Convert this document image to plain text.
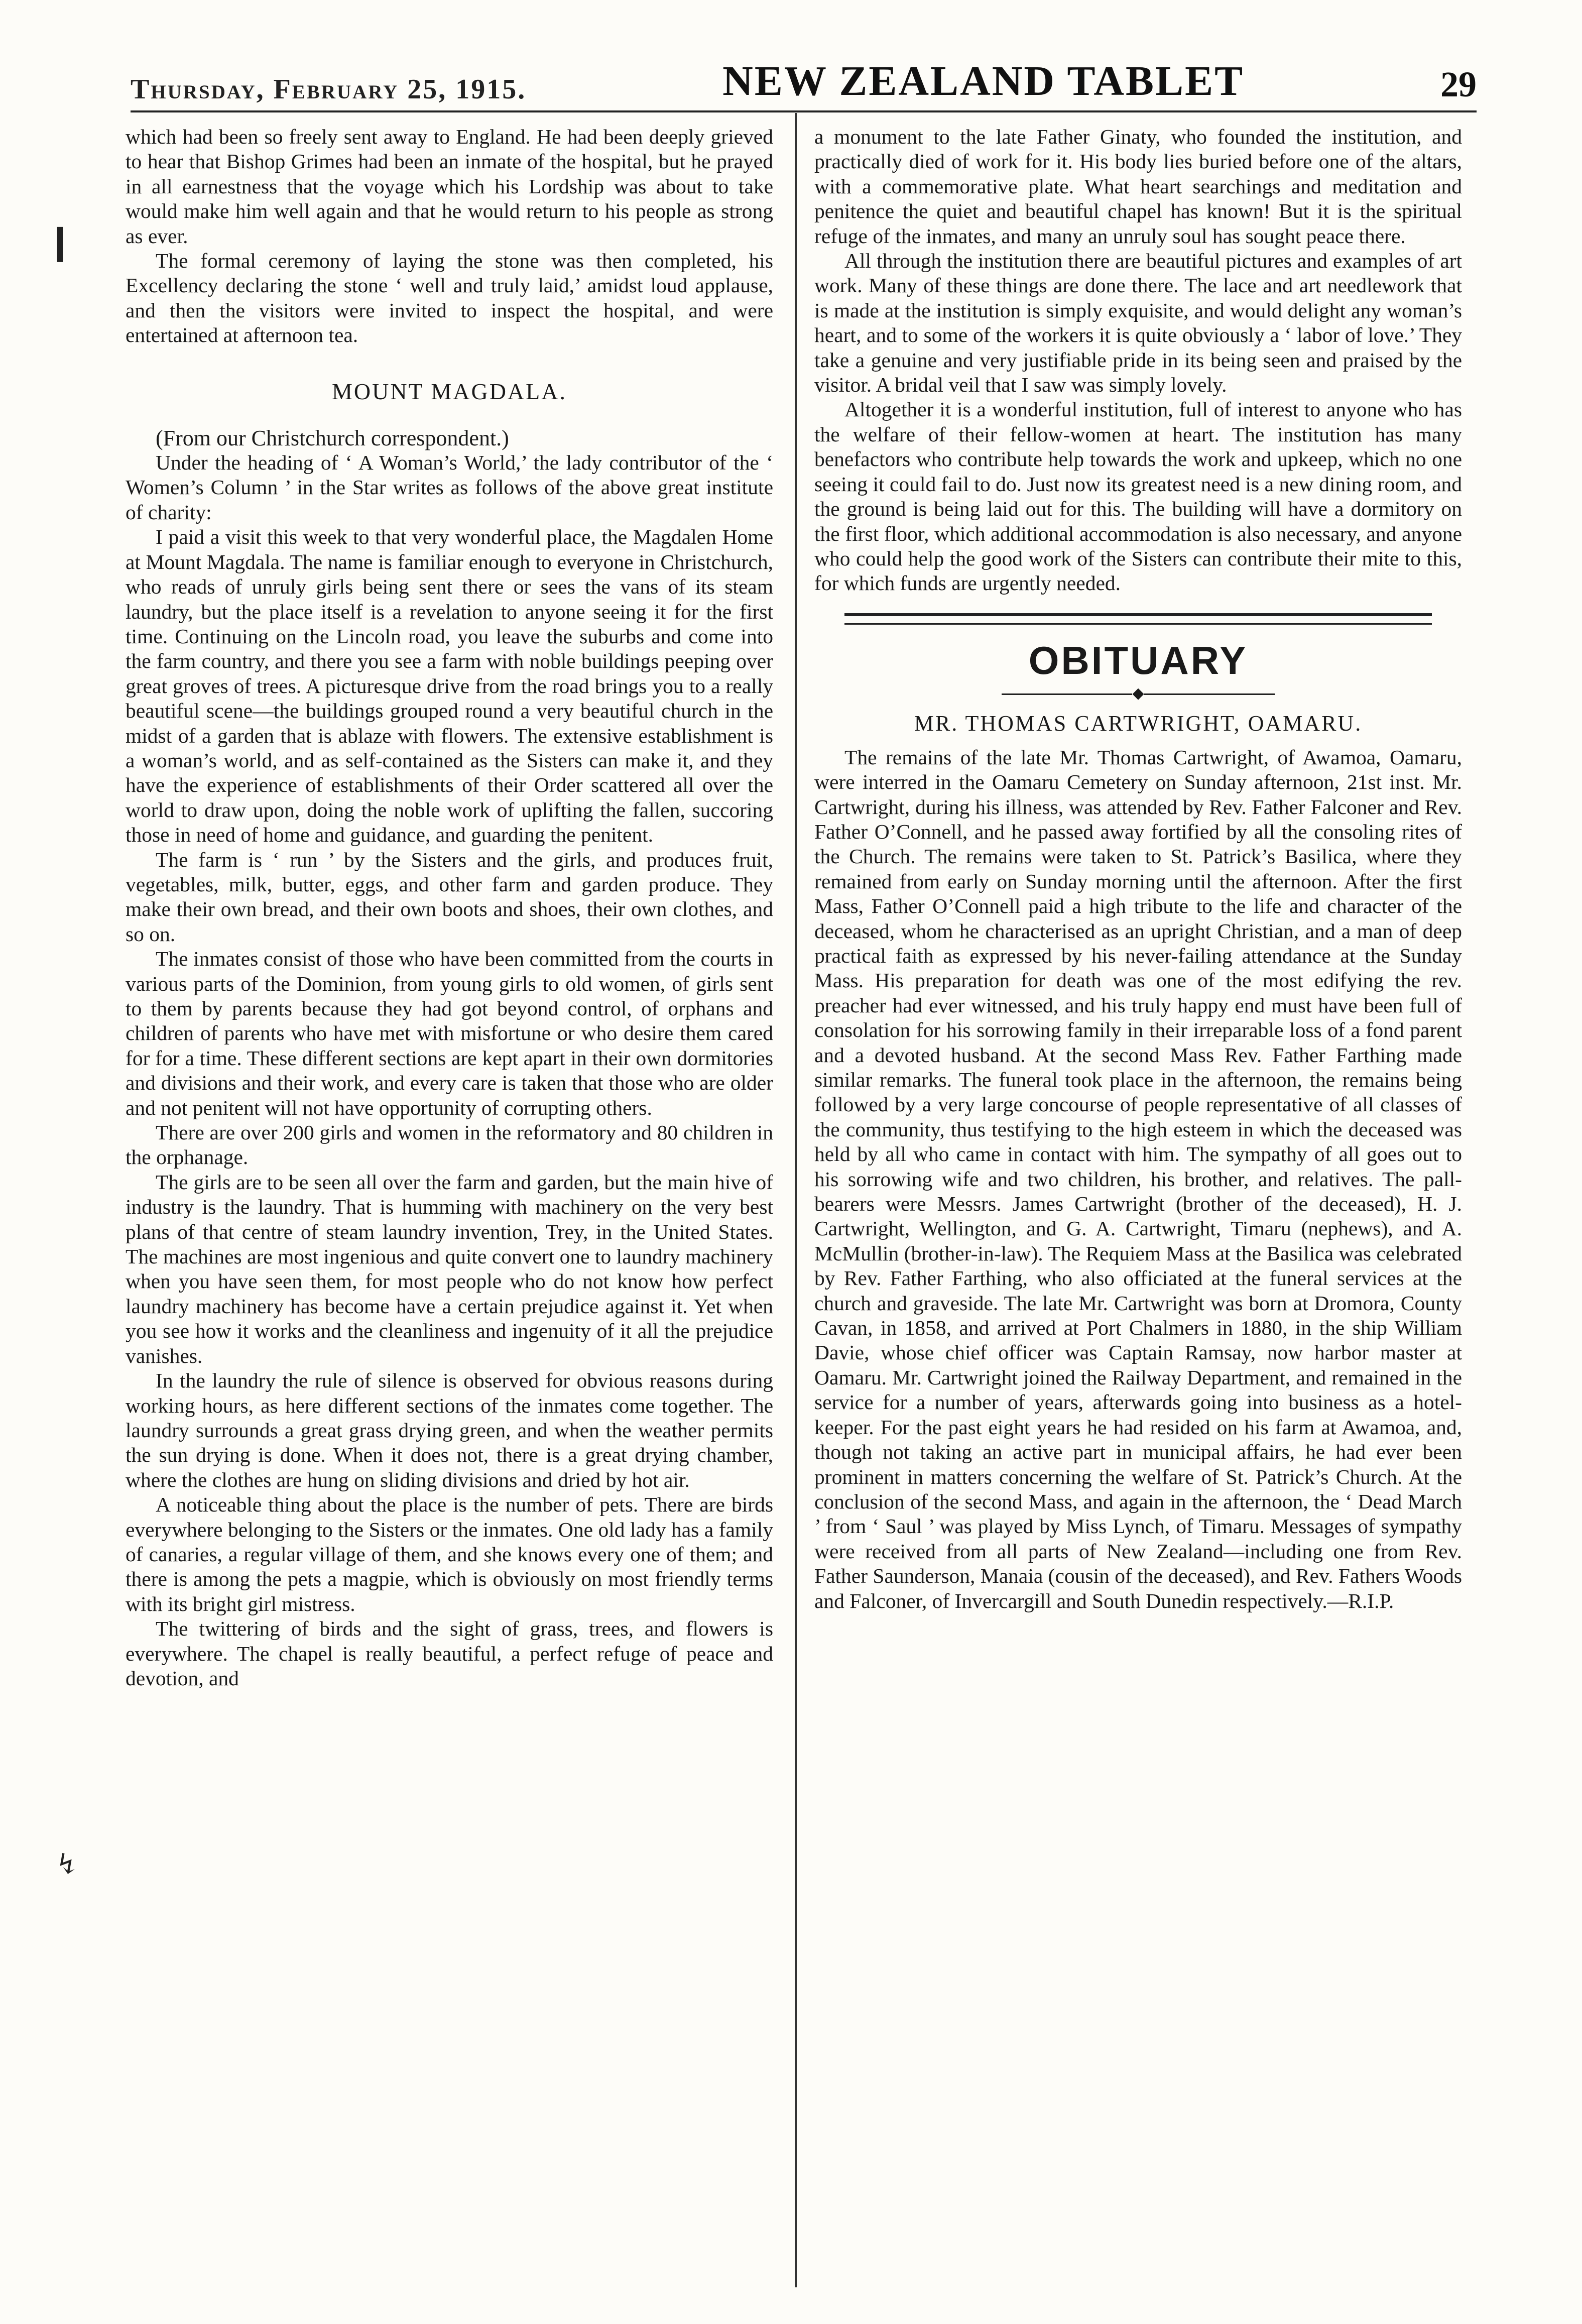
Thursday, February 25, 1915.	NEW ZEALAND TABLET	29
❙
↯

which had been so freely sent away to England. He had been deeply grieved to hear that Bishop Grimes had been an inmate of the hospital, but he prayed in all earnestness that the voyage which his Lordship was about to take would make him well again and that he would return to his people as strong as ever.

The formal ceremony of laying the stone was then completed, his Excellency declaring the stone ‘ well and truly laid,’ amidst loud applause, and then the visitors were invited to inspect the hospital, and were entertained at afternoon tea.

MOUNT MAGDALA.

(From our Christchurch correspondent.)

Under the heading of ‘ A Woman’s World,’ the lady contributor of the ‘ Women’s Column ’ in the Star writes as follows of the above great institute of charity:

I paid a visit this week to that very wonderful place, the Magdalen Home at Mount Magdala. The name is familiar enough to everyone in Christchurch, who reads of unruly girls being sent there or sees the vans of its steam laundry, but the place itself is a revelation to anyone seeing it for the first time. Continuing on the Lincoln road, you leave the suburbs and come into the farm country, and there you see a farm with noble buildings peeping over great groves of trees. A picturesque drive from the road brings you to a really beautiful scene—the buildings grouped round a very beautiful church in the midst of a garden that is ablaze with flowers. The extensive establishment is a woman’s world, and as self-contained as the Sisters can make it, and they have the experience of establishments of their Order scattered all over the world to draw upon, doing the noble work of uplifting the fallen, succoring those in need of home and guidance, and guarding the penitent.

The farm is ‘ run ’ by the Sisters and the girls, and produces fruit, vegetables, milk, butter, eggs, and other farm and garden produce. They make their own bread, and their own boots and shoes, their own clothes, and so on.

The inmates consist of those who have been committed from the courts in various parts of the Dominion, from young girls to old women, of girls sent to them by parents because they had got beyond control, of orphans and children of parents who have met with misfortune or who desire them cared for for a time. These different sections are kept apart in their own dormitories and divisions and their work, and every care is taken that those who are older and not penitent will not have opportunity of corrupting others.

There are over 200 girls and women in the reformatory and 80 children in the orphanage.

The girls are to be seen all over the farm and garden, but the main hive of industry is the laundry. That is humming with machinery on the very best plans of that centre of steam laundry invention, Trey, in the United States. The machines are most ingenious and quite convert one to laundry machinery when you have seen them, for most people who do not know how perfect laundry machinery has become have a certain prejudice against it. Yet when you see how it works and the cleanliness and ingenuity of it all the prejudice vanishes.

In the laundry the rule of silence is observed for obvious reasons during working hours, as here different sections of the inmates come together. The laundry surrounds a great grass drying green, and when the weather permits the sun drying is done. When it does not, there is a great drying chamber, where the clothes are hung on sliding divisions and dried by hot air.

A noticeable thing about the place is the number of pets. There are birds everywhere belonging to the Sisters or the inmates. One old lady has a family of canaries, a regular village of them, and she knows every one of them; and there is among the pets a magpie, which is obviously on most friendly terms with its bright girl mistress.

The twittering of birds and the sight of grass, trees, and flowers is everywhere. The chapel is really beautiful, a perfect refuge of peace and devotion, and

a monument to the late Father Ginaty, who founded the institution, and practically died of work for it. His body lies buried before one of the altars, with a commemorative plate. What heart searchings and meditation and penitence the quiet and beautiful chapel has known! But it is the spiritual refuge of the inmates, and many an unruly soul has sought peace there.

All through the institution there are beautiful pictures and examples of art work. Many of these things are done there. The lace and art needlework that is made at the institution is simply exquisite, and would delight any woman’s heart, and to some of the workers it is quite obviously a ‘ labor of love.’ They take a genuine and very justifiable pride in its being seen and praised by the visitor. A bridal veil that I saw was simply lovely.

Altogether it is a wonderful institution, full of interest to anyone who has the welfare of their fellow-women at heart. The institution has many benefactors who contribute help towards the work and upkeep, which no one seeing it could fail to do. Just now its greatest need is a new dining room, and the ground is being laid out for this. The building will have a dormitory on the first floor, which additional accommodation is also necessary, and anyone who could help the good work of the Sisters can contribute their mite to this, for which funds are urgently needed.

OBITUARY
◆
MR. THOMAS CARTWRIGHT, OAMARU.

The remains of the late Mr. Thomas Cartwright, of Awamoa, Oamaru, were interred in the Oamaru Cemetery on Sunday afternoon, 21st inst. Mr. Cartwright, during his illness, was attended by Rev. Father Falconer and Rev. Father O’Connell, and he passed away fortified by all the consoling rites of the Church. The remains were taken to St. Patrick’s Basilica, where they remained from early on Sunday morning until the afternoon. After the first Mass, Father O’Connell paid a high tribute to the life and character of the deceased, whom he characterised as an upright Christian, and a man of deep practical faith as expressed by his never-failing attendance at the Sunday Mass. His preparation for death was one of the most edifying the rev. preacher had ever witnessed, and his truly happy end must have been full of consolation for his sorrowing family in their irreparable loss of a fond parent and a devoted husband. At the second Mass Rev. Father Farthing made similar remarks. The funeral took place in the afternoon, the remains being followed by a very large concourse of people representative of all classes of the community, thus testifying to the high esteem in which the deceased was held by all who came in contact with him. The sympathy of all goes out to his sorrowing wife and two children, his brother, and relatives. The pall-bearers were Messrs. James Cartwright (brother of the deceased), H. J. Cartwright, Wellington, and G. A. Cartwright, Timaru (nephews), and A. McMullin (brother-in-law). The Requiem Mass at the Basilica was celebrated by Rev. Father Farthing, who also officiated at the funeral services at the church and graveside. The late Mr. Cartwright was born at Dromora, County Cavan, in 1858, and arrived at Port Chalmers in 1880, in the ship William Davie, whose chief officer was Captain Ramsay, now harbor master at Oamaru. Mr. Cartwright joined the Railway Department, and remained in the service for a number of years, afterwards going into business as a hotel-keeper. For the past eight years he had resided on his farm at Awamoa, and, though not taking an active part in municipal affairs, he had ever been prominent in matters concerning the welfare of St. Patrick’s Church. At the conclusion of the second Mass, and again in the afternoon, the ‘ Dead March ’ from ‘ Saul ’ was played by Miss Lynch, of Timaru. Messages of sympathy were received from all parts of New Zealand—including one from Rev. Father Saunderson, Manaia (cousin of the deceased), and Rev. Fathers Woods and Falconer, of Invercargill and South Dunedin respectively.—R.I.P.
